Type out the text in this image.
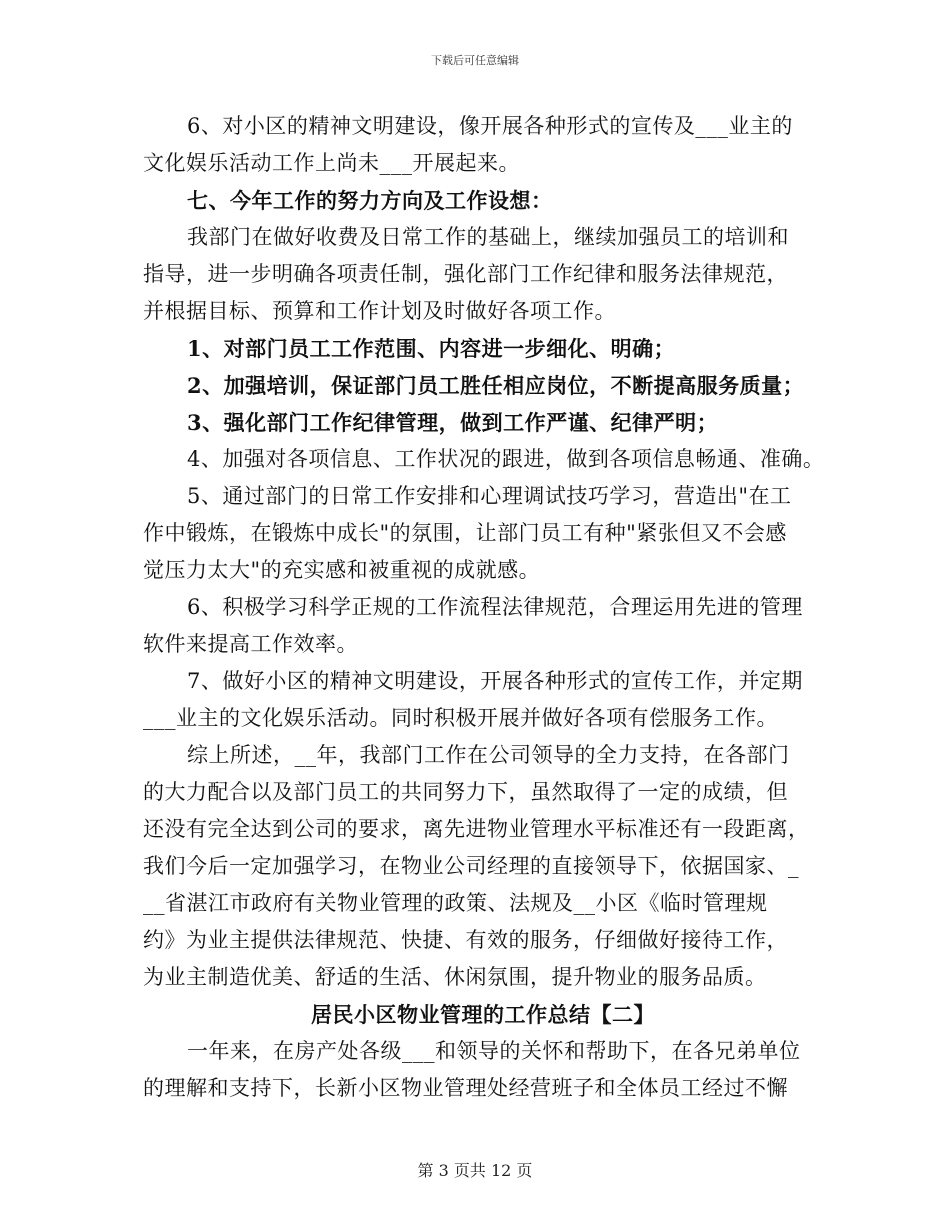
下载后可任意编辑
6、对小区的精神文明建设，像开展各种形式的宣传及___业主的
文化娱乐活动工作上尚未___开展起来。
七、今年工作的努力方向及工作设想：
我部门在做好收费及日常工作的基础上，继续加强员工的培训和
指导，进一步明确各项责任制，强化部门工作纪律和服务法律规范，
并根据目标、预算和工作计划及时做好各项工作。
1、对部门员工工作范围、内容进一步细化、明确；
2、加强培训，保证部门员工胜任相应岗位，不断提高服务质量；
3、强化部门工作纪律管理，做到工作严谨、纪律严明；
4、加强对各项信息、工作状况的跟进，做到各项信息畅通、准确。
5、通过部门的日常工作安排和心理调试技巧学习，营造出"在工
作中锻炼，在锻炼中成长"的氛围，让部门员工有种"紧张但又不会感
觉压力太大"的充实感和被重视的成就感。
6、积极学习科学正规的工作流程法律规范，合理运用先进的管理
软件来提高工作效率。
7、做好小区的精神文明建设，开展各种形式的宣传工作，并定期
___业主的文化娱乐活动。同时积极开展并做好各项有偿服务工作。
综上所述，__年，我部门工作在公司领导的全力支持，在各部门
的大力配合以及部门员工的共同努力下，虽然取得了一定的成绩，但
还没有完全达到公司的要求，离先进物业管理水平标准还有一段距离，
我们今后一定加强学习，在物业公司经理的直接领导下，依据国家、_
__省湛江市政府有关物业管理的政策、法规及__小区《临时管理规
约》为业主提供法律规范、快捷、有效的服务，仔细做好接待工作，
为业主制造优美、舒适的生活、休闲氛围，提升物业的服务品质。
居民小区物业管理的工作总结【二】
一年来，在房产处各级___和领导的关怀和帮助下，在各兄弟单位
的理解和支持下，长新小区物业管理处经营班子和全体员工经过不懈
第 3 页共 12 页
